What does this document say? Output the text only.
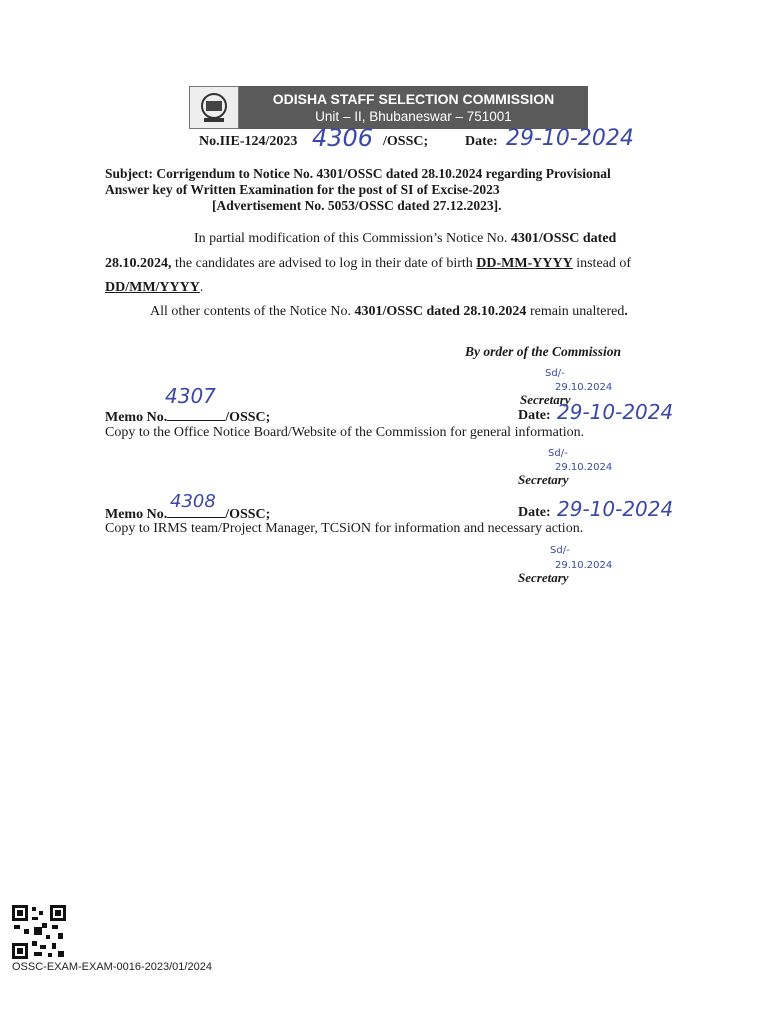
ODISHA STAFF SELECTION COMMISSION
Unit – II, Bhubaneswar – 751001
No.IIE-124/2023 4306 /OSSC;	Date: 29-10-2024
Subject: Corrigendum to Notice No. 4301/OSSC dated 28.10.2024 regarding Provisional
Answer key of Written Examination for the post of SI of Excise-2023
[Advertisement No. 5053/OSSC dated 27.12.2023].
In partial modification of this Commission’s Notice No. 4301/OSSC dated
28.10.2024, the candidates are advised to log in their date of birth DD-MM-YYYY instead of
DD/MM/YYYY.
All other contents of the Notice No. 4301/OSSC dated 28.10.2024 remain unaltered.
By order of the Commission
Sd/-
29.10.2024
Secretary
4307
Memo No.	/OSSC;	Date: 29-10-2024
Copy to the Office Notice Board/Website of the Commission for general information.
Sd/-
29.10.2024
Secretary
4308
Memo No.	/OSSC;	Date: 29-10-2024
Copy to IRMS team/Project Manager, TCSiON for information and necessary action.
Sd/-
29.10.2024
Secretary
OSSC-EXAM-EXAM-0016-2023/01/2024
